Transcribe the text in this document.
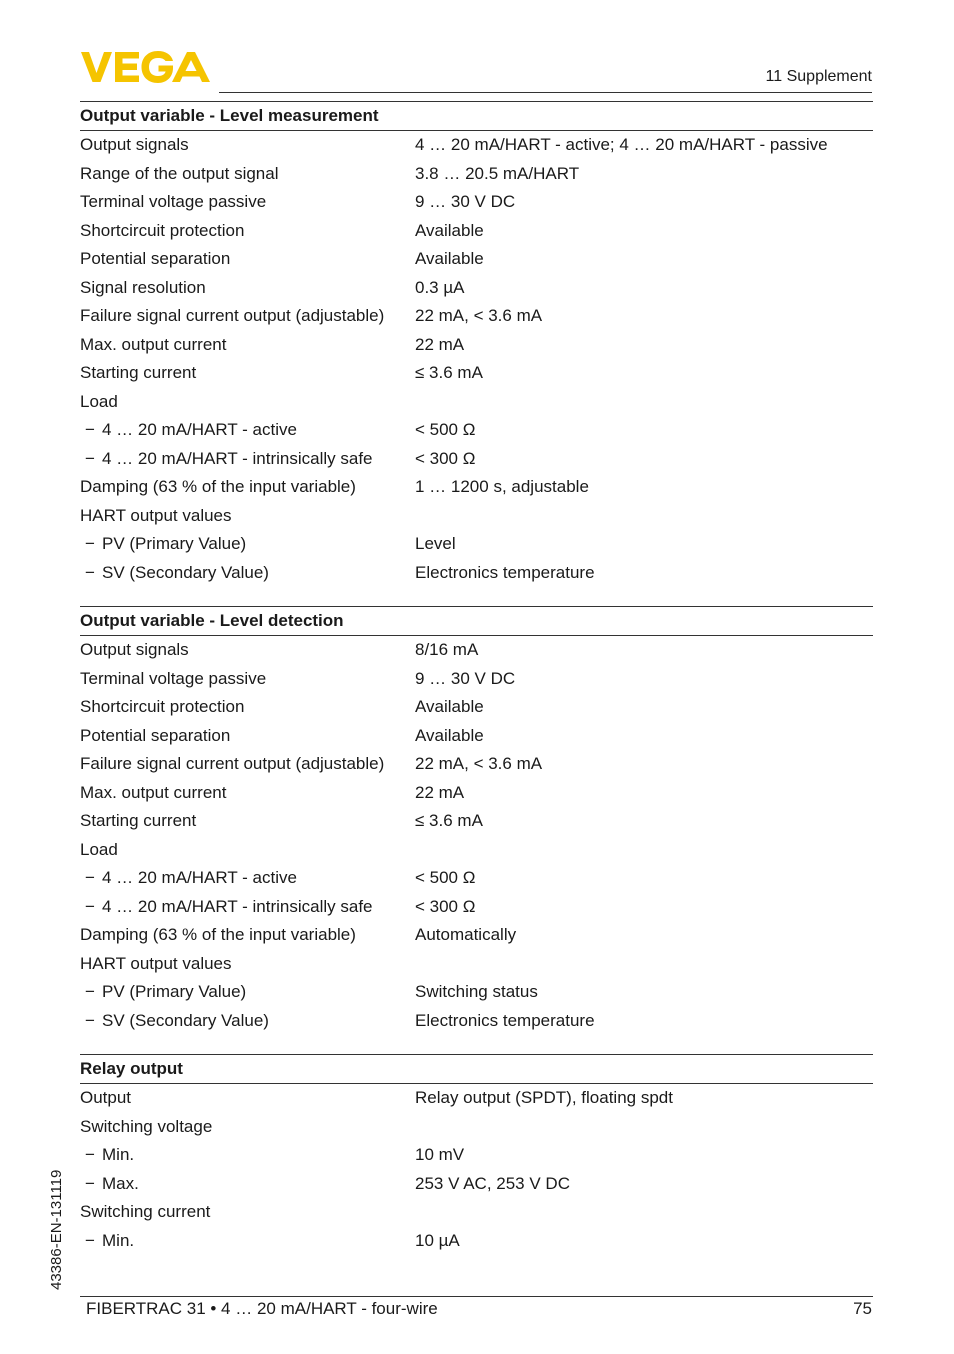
11 Supplement
43386-EN-131119
Output variable - Level measurement
Output signals	4 … 20 mA/HART - active; 4 … 20 mA/HART - passive
Range of the output signal	3.8 … 20.5 mA/HART
Terminal voltage passive	9 … 30 V DC
Shortcircuit protection	Available
Potential separation	Available
Signal resolution	0.3 µA
Failure signal current output (adjustable)	22 mA, < 3.6 mA
Max. output current	22 mA
Starting current	≤ 3.6 mA
Load
− 4 … 20 mA/HART - active	< 500 Ω
− 4 … 20 mA/HART - intrinsically safe	< 300 Ω
Damping (63 % of the input variable)	1 … 1200 s, adjustable
HART output values
− PV (Primary Value)	Level
− SV (Secondary Value)	Electronics temperature
Output variable - Level detection
Output signals	8/16 mA
Terminal voltage passive	9 … 30 V DC
Shortcircuit protection	Available
Potential separation	Available
Failure signal current output (adjustable)	22 mA, < 3.6 mA
Max. output current	22 mA
Starting current	≤ 3.6 mA
Load
− 4 … 20 mA/HART - active	< 500 Ω
− 4 … 20 mA/HART - intrinsically safe	< 300 Ω
Damping (63 % of the input variable)	Automatically
HART output values
− PV (Primary Value)	Switching status
− SV (Secondary Value)	Electronics temperature
Relay output
Output	Relay output (SPDT), floating spdt
Switching voltage
− Min.	10 mV
− Max.	253 V AC, 253 V DC
Switching current
− Min.	10 µA
FIBERTRAC 31 • 4 … 20 mA/HART - four-wire	75
